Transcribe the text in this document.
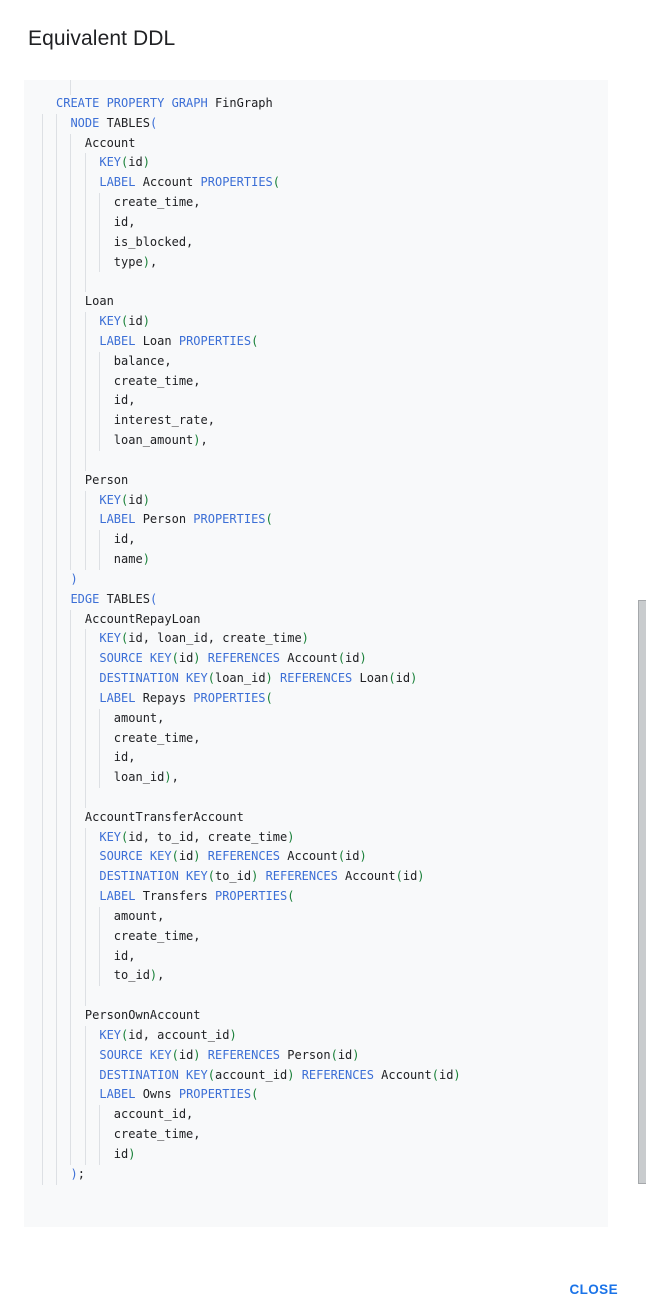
Equivalent DDL
CREATE PROPERTY GRAPH FinGraph
NODE TABLES(
Account
KEY(id)
LABEL Account PROPERTIES(
create_time,
id,
is_blocked,
type),
Loan
KEY(id)
LABEL Loan PROPERTIES(
balance,
create_time,
id,
interest_rate,
loan_amount),
Person
KEY(id)
LABEL Person PROPERTIES(
id,
name)
)
EDGE TABLES(
AccountRepayLoan
KEY(id, loan_id, create_time)
SOURCE KEY(id) REFERENCES Account(id)
DESTINATION KEY(loan_id) REFERENCES Loan(id)
LABEL Repays PROPERTIES(
amount,
create_time,
id,
loan_id),
AccountTransferAccount
KEY(id, to_id, create_time)
SOURCE KEY(id) REFERENCES Account(id)
DESTINATION KEY(to_id) REFERENCES Account(id)
LABEL Transfers PROPERTIES(
amount,
create_time,
id,
to_id),
PersonOwnAccount
KEY(id, account_id)
SOURCE KEY(id) REFERENCES Person(id)
DESTINATION KEY(account_id) REFERENCES Account(id)
LABEL Owns PROPERTIES(
account_id,
create_time,
id)
);
CLOSE
